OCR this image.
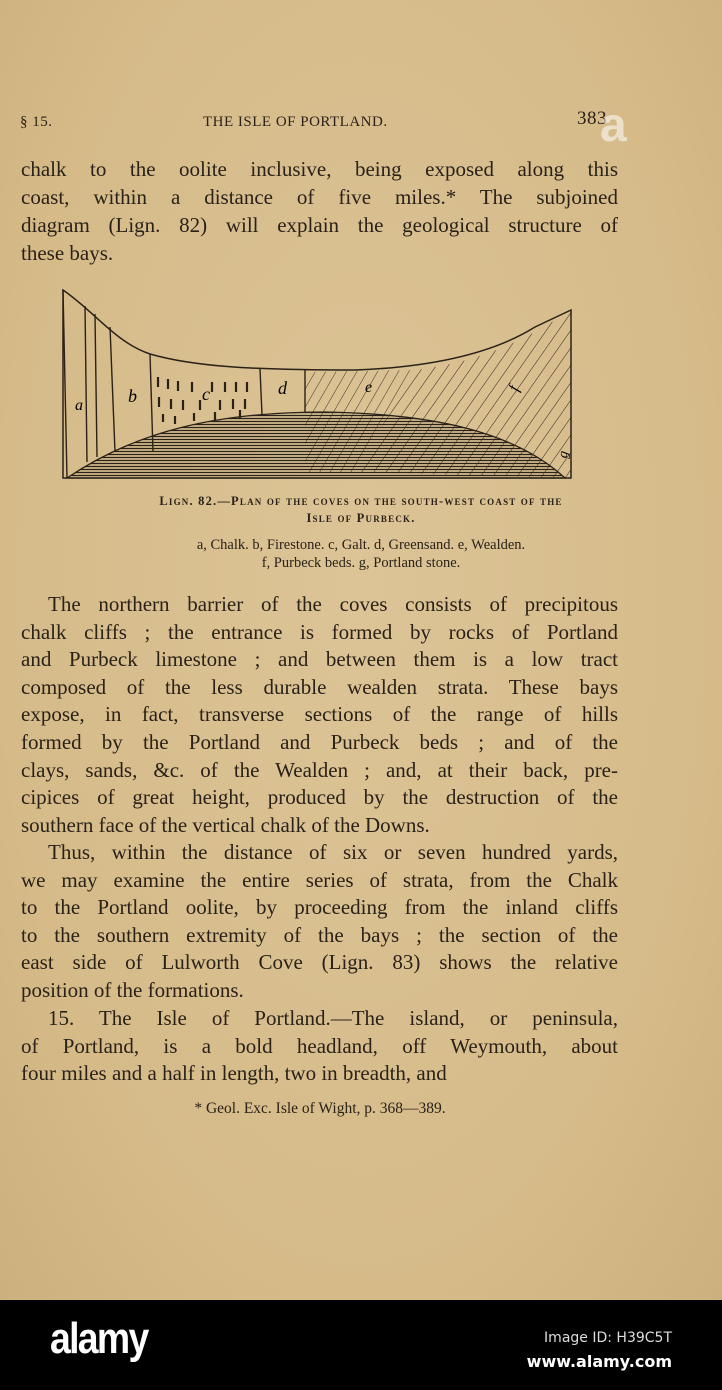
§ 15.	THE ISLE OF PORTLAND.	383
chalk to the oolite inclusive, being exposed along this
coast, within a distance of five miles.* The subjoined
diagram (Lign. 82) will explain the geological structure of
these bays.
a	b	c	d	e	f
g
Lign. 82.—Plan of the coves on the south-west coast of the
Isle of Purbeck.
a, Chalk. b, Firestone. c, Galt. d, Greensand. e, Wealden.
f, Purbeck beds. g, Portland stone.
The northern barrier of the coves consists of precipitous
chalk cliffs ; the entrance is formed by rocks of Portland
and Purbeck limestone ; and between them is a low tract
composed of the less durable wealden strata. These bays
expose, in fact, transverse sections of the range of hills
formed by the Portland and Purbeck beds ; and of the
clays, sands, &c. of the Wealden ; and, at their back, pre-
cipices of great height, produced by the destruction of the
southern face of the vertical chalk of the Downs.
Thus, within the distance of six or seven hundred yards,
we may examine the entire series of strata, from the Chalk
to the Portland oolite, by proceeding from the inland cliffs
to the southern extremity of the bays ; the section of the
east side of Lulworth Cove (Lign. 83) shows the relative
position of the formations.
15. The Isle of Portland.—The island, or peninsula,
of Portland, is a bold headland, off Weymouth, about
four miles and a half in length, two in breadth, and
* Geol. Exc. Isle of Wight, p. 368—389.
a
alamy	Image ID: H39C5T
www.alamy.com
